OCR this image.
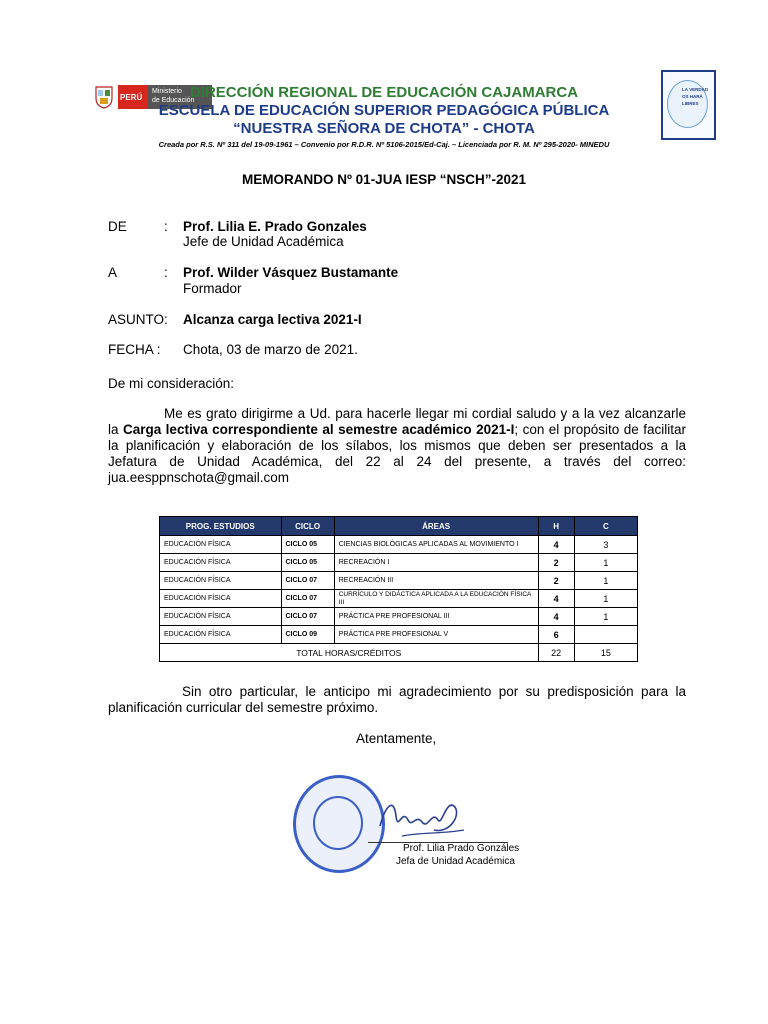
PERÚ
Ministerio
de Educación
DIRECCIÓN REGIONAL DE EDUCACIÓN CAJAMARCA
ESCUELA DE EDUCACIÓN SUPERIOR PEDAGÓGICA PÚBLICA
“NUESTRA SEÑORA DE CHOTA” - CHOTA
Creada por R.S. Nº 311 del 19-09-1961 – Convenio por R.D.R. Nº 5106-2015/Ed-Caj. – Licenciada por R. M. Nº 295-2020- MINEDU
LA VERDAD
OS HARÁ
LIBRES
MEMORANDO Nº 01-JUA IESP “NSCH”-2021
DE	: Prof. Lilia E. Prado Gonzales
Jefe de Unidad Académica
A	: Prof. Wilder Vásquez Bustamante
Formador
ASUNTO: Alcanza carga lectiva 2021-I
FECHA : Chota, 03 de marzo de 2021.
De mi consideración:
Me es grato dirigirme a Ud. para hacerle llegar mi cordial saludo y a la vez alcanzarle la Carga lectiva correspondiente al semestre académico 2021-I; con el propósito de facilitar la planificación y elaboración de los sílabos, los mismos que deben ser presentados a la Jefatura de Unidad Académica, del 22 al 24 del presente, a través del correo: jua.eesppnschota@gmail.com
PROG. ESTUDIOS	CICLO	ÁREAS	H	C
EDUCACIÓN FÍSICA	CICLO 05	CIENCIAS BIOLÓGICAS APLICADAS AL MOVIMIENTO I	4	3
EDUCACIÓN FÍSICA	CICLO 05	RECREACIÓN I	2	1
EDUCACIÓN FÍSICA	CICLO 07	RECREACIÓN III	2	1
EDUCACIÓN FÍSICA	CICLO 07	CURRÍCULO Y DIDÁCTICA APLICADA A LA EDUCACIÓN FÍSICA III	4	1
EDUCACIÓN FÍSICA	CICLO 07	PRÁCTICA PRE PROFESIONAL III	4	1
EDUCACIÓN FÍSICA	CICLO 09	PRÁCTICA PRE PROFESIONAL V	6	
TOTAL HORAS/CRÉDITOS			22	15
Sin otro particular, le anticipo mi agradecimiento por su predisposición para la planificación curricular del semestre próximo.
Atentamente,
Prof. Lilia Prado Gonzáles
Jefa de Unidad Académica
